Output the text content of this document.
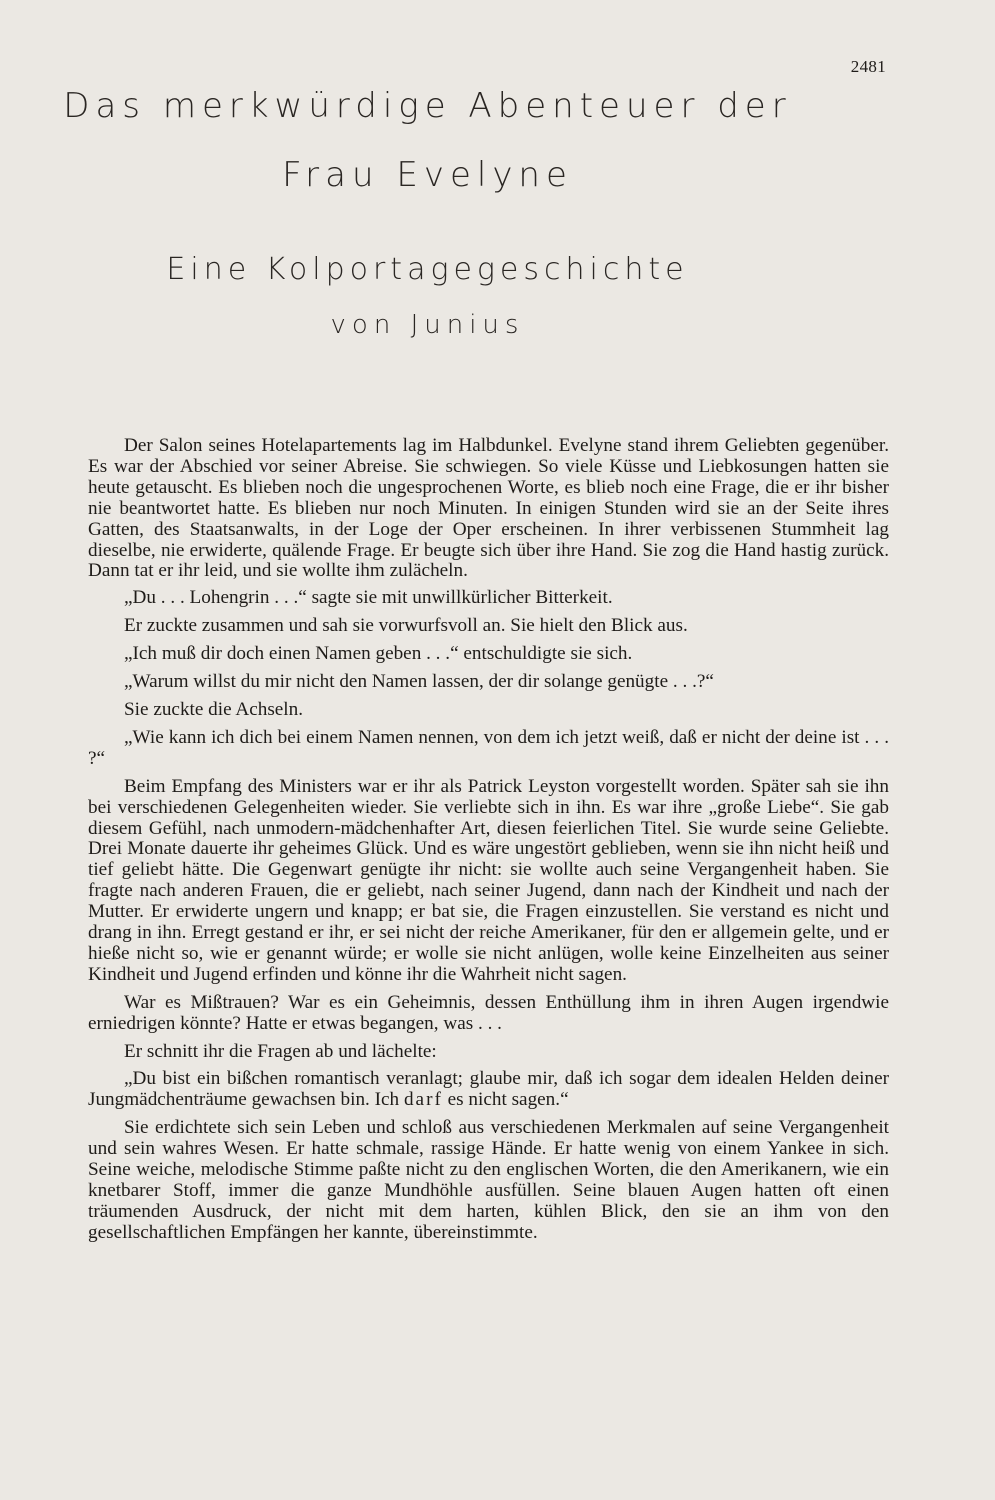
2481
Das merkwürdige Abenteuer der
Frau Evelyne
Eine Kolportagegeschichte
von Junius

Der Salon seines Hotelapartements lag im Halbdunkel. Evelyne stand ihrem Geliebten gegenüber. Es war der Abschied vor seiner Abreise. Sie schwiegen. So viele Küsse und Liebkosungen hatten sie heute getauscht. Es blieben noch die ungesprochenen Worte, es blieb noch eine Frage, die er ihr bisher nie beantwortet hatte. Es blieben nur noch Minuten. In einigen Stunden wird sie an der Seite ihres Gatten, des Staatsanwalts, in der Loge der Oper erscheinen. In ihrer verbissenen Stummheit lag dieselbe, nie erwiderte, quälende Frage. Er beugte sich über ihre Hand. Sie zog die Hand hastig zurück. Dann tat er ihr leid, und sie wollte ihm zulächeln.

„Du . . . Lohengrin . . .“ sagte sie mit unwillkürlicher Bitterkeit.

Er zuckte zusammen und sah sie vorwurfsvoll an. Sie hielt den Blick aus.

„Ich muß dir doch einen Namen geben . . .“ entschuldigte sie sich.

„Warum willst du mir nicht den Namen lassen, der dir solange genügte . . .?“

Sie zuckte die Achseln.

„Wie kann ich dich bei einem Namen nennen, von dem ich jetzt weiß, daß er nicht der deine ist . . . ?“

Beim Empfang des Ministers war er ihr als Patrick Leyston vorgestellt worden. Später sah sie ihn bei verschiedenen Gelegenheiten wieder. Sie verliebte sich in ihn. Es war ihre „große Liebe“. Sie gab diesem Gefühl, nach unmodern-mädchenhafter Art, diesen feierlichen Titel. Sie wurde seine Geliebte. Drei Monate dauerte ihr geheimes Glück. Und es wäre ungestört geblieben, wenn sie ihn nicht heiß und tief geliebt hätte. Die Gegenwart genügte ihr nicht: sie wollte auch seine Vergangenheit haben. Sie fragte nach anderen Frauen, die er geliebt, nach seiner Jugend, dann nach der Kindheit und nach der Mutter. Er erwiderte ungern und knapp; er bat sie, die Fragen einzustellen. Sie verstand es nicht und drang in ihn. Erregt gestand er ihr, er sei nicht der reiche Amerikaner, für den er allgemein gelte, und er hieße nicht so, wie er genannt würde; er wolle sie nicht anlügen, wolle keine Einzelheiten aus seiner Kindheit und Jugend erfinden und könne ihr die Wahrheit nicht sagen.

War es Mißtrauen? War es ein Geheimnis, dessen Enthüllung ihm in ihren Augen irgendwie erniedrigen könnte? Hatte er etwas begangen, was . . .

Er schnitt ihr die Fragen ab und lächelte:

„Du bist ein bißchen romantisch veranlagt; glaube mir, daß ich sogar dem idealen Helden deiner Jungmädchenträume gewachsen bin. Ich darf es nicht sagen.“

Sie erdichtete sich sein Leben und schloß aus verschiedenen Merkmalen auf seine Vergangenheit und sein wahres Wesen. Er hatte schmale, rassige Hände. Er hatte wenig von einem Yankee in sich. Seine weiche, melodische Stimme paßte nicht zu den englischen Worten, die den Amerikanern, wie ein knetbarer Stoff, immer die ganze Mundhöhle ausfüllen. Seine blauen Augen hatten oft einen träumenden Ausdruck, der nicht mit dem harten, kühlen Blick, den sie an ihm von den gesellschaftlichen Empfängen her kannte, übereinstimmte.
